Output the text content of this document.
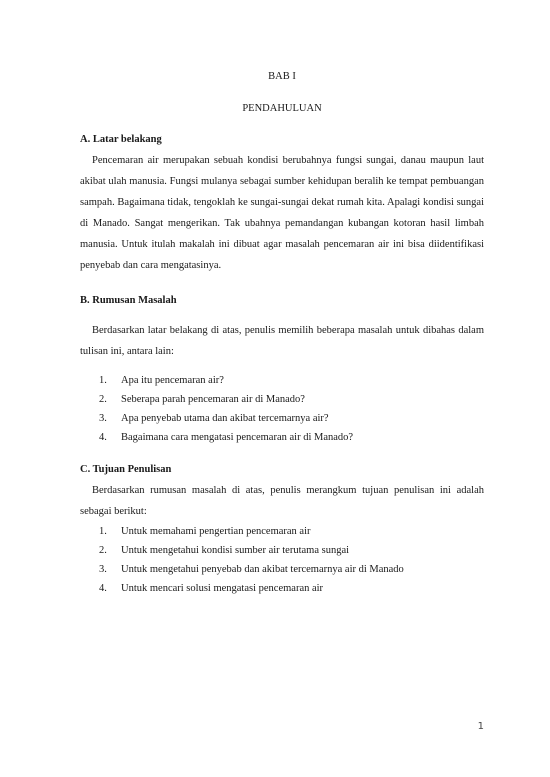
BAB I
PENDAHULUAN
A. Latar belakang

Pencemaran air merupakan sebuah kondisi berubahnya fungsi sungai, danau maupun laut akibat ulah manusia. Fungsi mulanya sebagai sumber kehidupan beralih ke tempat pembuangan sampah. Bagaimana tidak, tengoklah ke sungai-sungai dekat rumah kita. Apalagi kondisi sungai di Manado. Sangat mengerikan. Tak ubahnya pemandangan kubangan kotoran hasil limbah manusia. Untuk itulah makalah ini dibuat agar masalah pencemaran air ini bisa diidentifikasi penyebab dan cara mengatasinya.

B. Rumusan Masalah

Berdasarkan latar belakang di atas, penulis memilih beberapa masalah untuk dibahas dalam tulisan ini, antara lain:

1.	Apa itu pencemaran air?
2.	Seberapa parah pencemaran air di Manado?
3.	Apa penyebab utama dan akibat tercemarnya air?
4.	Bagaimana cara mengatasi pencemaran air di Manado?
C. Tujuan Penulisan

Berdasarkan rumusan masalah di atas, penulis merangkum tujuan penulisan ini adalah sebagai berikut:

1.	Untuk memahami pengertian pencemaran air
2.	Untuk mengetahui kondisi sumber air terutama sungai
3.	Untuk mengetahui penyebab dan akibat tercemarnya air di Manado
4.	Untuk mencari solusi mengatasi pencemaran air
1
